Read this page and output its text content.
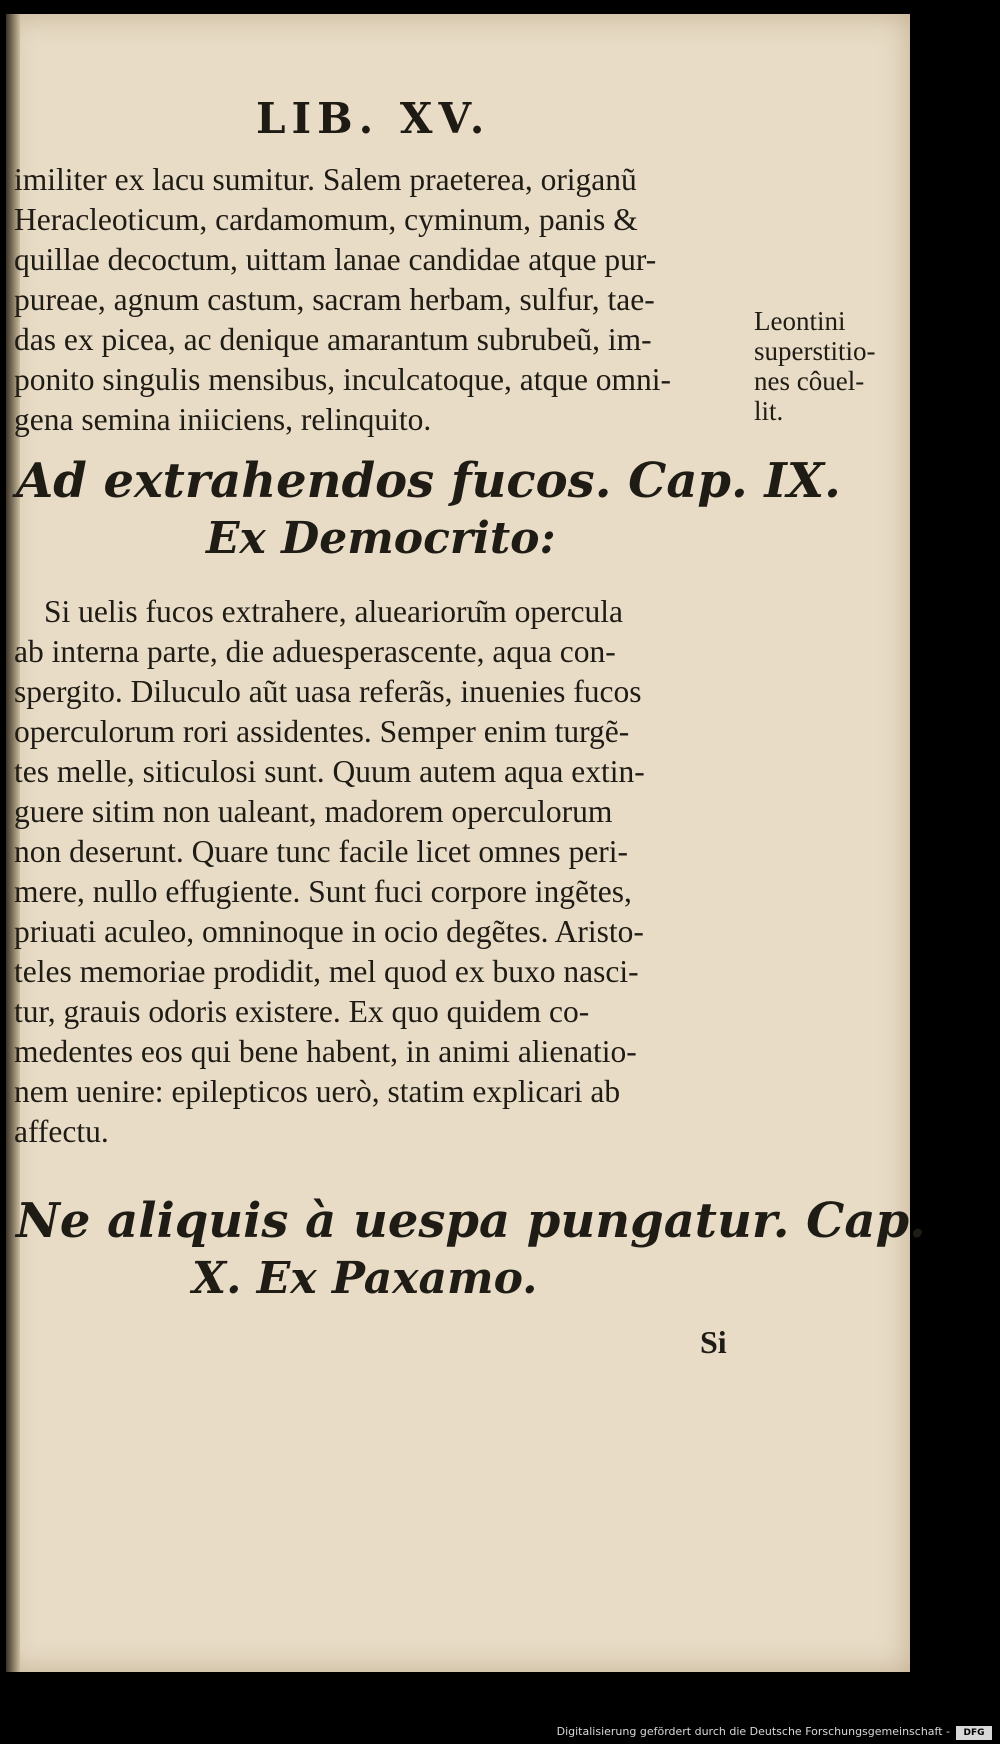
LIB. XV.

imiliter ex lacu sumitur. Salem praeterea, origanũ
Heracleoticum, cardamomum, cyminum, panis &
quillae decoctum, uittam lanae candidae atque pur-
pureae, agnum castum, sacram herbam, sulfur, tae-
das ex picea, ac denique amarantum subrubeũ, im-
ponito singulis mensibus, inculcatoque, atque omni-
gena semina iniiciens, relinquito.

Leontini
superstitio-
nes côuel-
lit.
Ad extrahendos fucos. Cap. IX.
Ex Democrito:

Si uelis fucos extrahere, aluearioru͂m opercula
ab interna parte, die aduesperascente, aqua con-
spergito. Diluculo aũt uasa referãs, inuenies fucos
operculorum rori assidentes. Semper enim turgẽ-
tes melle, siticulosi sunt. Quum autem aqua extin-
guere sitim non ualeant, madorem operculorum
non deserunt. Quare tunc facile licet omnes peri-
mere, nullo effugiente. Sunt fuci corpore ingẽtes,
priuati aculeo, omninoque in ocio degẽtes. Aristo-
teles memoriae prodidit, mel quod ex buxo nasci-
tur, grauis odoris existere. Ex quo quidem co-
medentes eos qui bene habent, in animi alienatio-
nem uenire: epilepticos uerò, statim explicari ab
affectu.

Ne aliquis à uespa pungatur. Cap.
X. Ex Paxamo.
Si
Digitalisierung gefördert durch die Deutsche Forschungsgemeinschaft -	DFG
